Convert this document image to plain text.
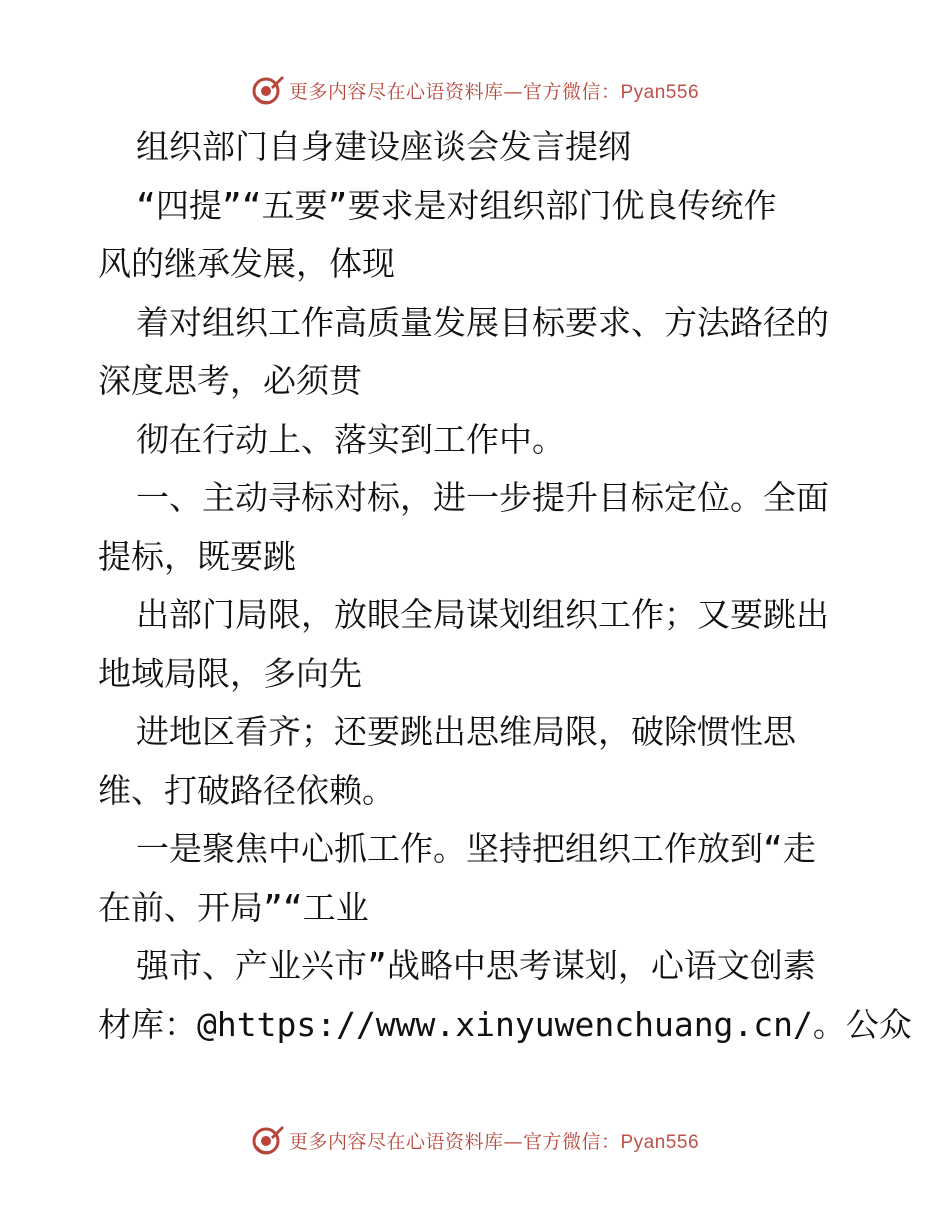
更多内容尽在心语资料库—官方微信：Pyan556
组织部门自身建设座谈会发言提纲
“四提”“五要”要求是对组织部门优良传统作
风的继承发展，体现
着对组织工作高质量发展目标要求、方法路径的
深度思考，必须贯
彻在行动上、落实到工作中。
一、主动寻标对标，进一步提升目标定位。全面
提标，既要跳
出部门局限，放眼全局谋划组织工作；又要跳出
地域局限，多向先
进地区看齐；还要跳出思维局限，破除惯性思
维、打破路径依赖。
一是聚焦中心抓工作。坚持把组织工作放到“走
在前、开局”“工业
强市、产业兴市”战略中思考谋划，心语文创素
材库：@https://www.xinyuwenchuang.cn/。公众
更多内容尽在心语资料库—官方微信：Pyan556
